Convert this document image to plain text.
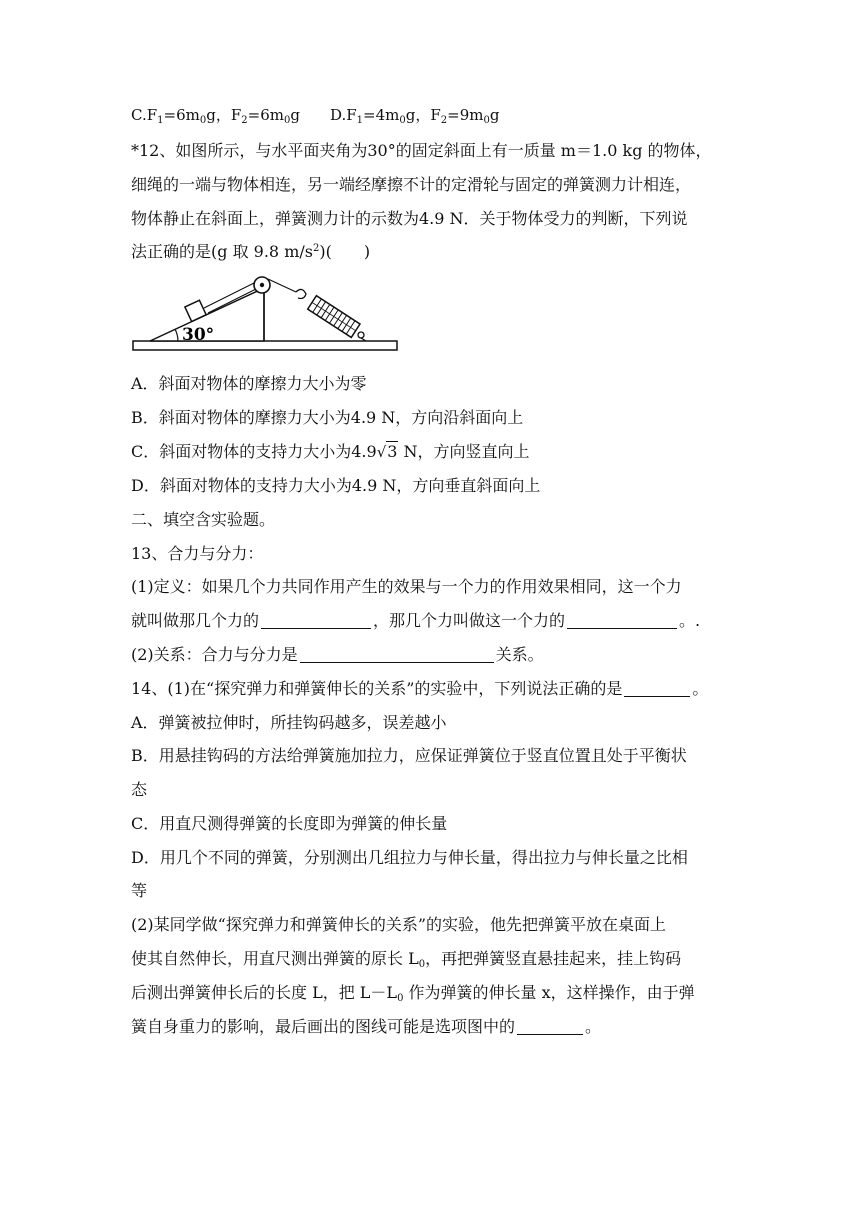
$C.F_1=6m_0g$，$F_2=6m_0g$ $D.F_1=4m_0g$，$F_2=9m_0g$
*12、如图所示，与水平面夹角为30°的固定斜面上有一质量 m＝1.0 kg 的物体，
细绳的一端与物体相连，另一端经摩擦不计的定滑轮与固定的弹簧测力计相连，
物体静止在斜面上，弹簧测力计的示数为4.9 N．关于物体受力的判断，下列说
法正确的是(g 取 9.8 $m/s^2$)(　　)
30°
A．斜面对物体的摩擦力大小为零
B．斜面对物体的摩擦力大小为4.9 N，方向沿斜面向上
C．斜面对物体的支持力大小为4.9√3 N，方向竖直向上
D．斜面对物体的支持力大小为4.9 N，方向垂直斜面向上
二、填空含实验题。
13、合力与分力：
(1)定义：如果几个力共同作用产生的效果与一个力的作用效果相同，这一个力
就叫做那几个力的	，那几个力叫做这一个力的	。.
(2)关系：合力与分力是	关系。
14、(1)在“探究弹力和弹簧伸长的关系”的实验中，下列说法正确的是	。
A．弹簧被拉伸时，所挂钩码越多，误差越小
B．用悬挂钩码的方法给弹簧施加拉力，应保证弹簧位于竖直位置且处于平衡状
态
C．用直尺测得弹簧的长度即为弹簧的伸长量
D．用几个不同的弹簧，分别测出几组拉力与伸长量，得出拉力与伸长量之比相
等
(2)某同学做“探究弹力和弹簧伸长的关系”的实验，他先把弹簧平放在桌面上
使其自然伸长，用直尺测出弹簧的原长 $L_0$，再把弹簧竖直悬挂起来，挂上钩码
后测出弹簧伸长后的长度 L，把 $L-L_0$ 作为弹簧的伸长量 x，这样操作，由于弹
簧自身重力的影响，最后画出的图线可能是选项图中的	。
